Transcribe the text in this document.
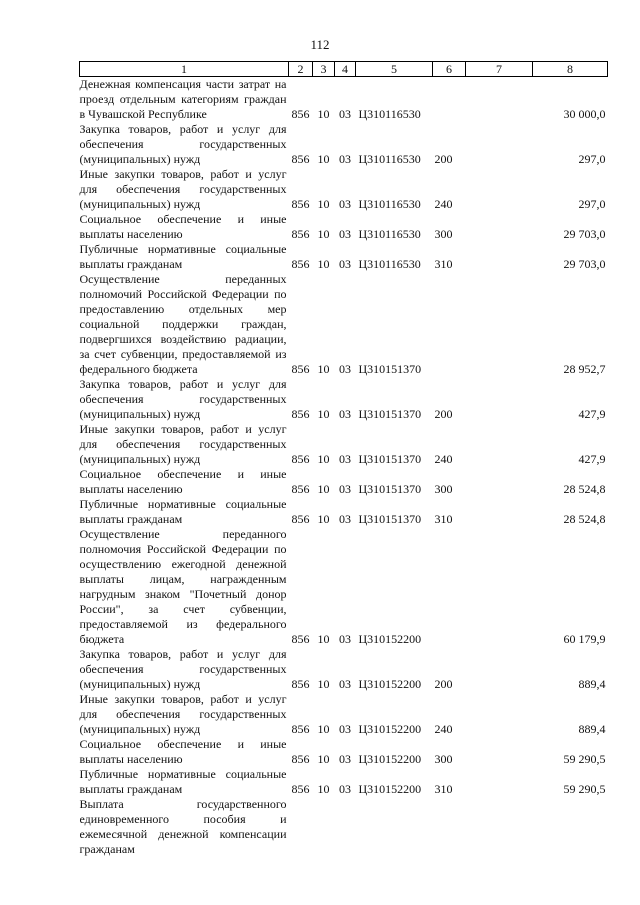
112
1	2	3	4	5	6	7	8
Денежная компенсация части затрат на проезд отдельным категориям граждан в Чувашской Республике	856	10	03	Ц310116530			30 000,0
Закупка товаров, работ и услуг для обеспечения государственных (муниципальных) нужд	856	10	03	Ц310116530	200		297,0
Иные закупки товаров, работ и услуг для обеспечения государственных (муниципальных) нужд	856	10	03	Ц310116530	240		297,0
Социальное обеспечение и иные выплаты населению	856	10	03	Ц310116530	300		29 703,0
Публичные нормативные социальные выплаты гражданам	856	10	03	Ц310116530	310		29 703,0
Осуществление переданных полномочий Российской Федерации по предоставлению отдельных мер социальной поддержки граждан, подвергшихся воздействию радиации, за счет субвенции, предоставляемой из федерального бюджета	856	10	03	Ц310151370			28 952,7
Закупка товаров, работ и услуг для обеспечения государственных (муниципальных) нужд	856	10	03	Ц310151370	200		427,9
Иные закупки товаров, работ и услуг для обеспечения государственных (муниципальных) нужд	856	10	03	Ц310151370	240		427,9
Социальное обеспечение и иные выплаты населению	856	10	03	Ц310151370	300		28 524,8
Публичные нормативные социальные выплаты гражданам	856	10	03	Ц310151370	310		28 524,8
Осуществление переданного полномочия Российской Федерации по осуществлению ежегодной денежной выплаты лицам, награжденным нагрудным знаком "Почетный донор России", за счет субвенции, предоставляемой из федерального бюджета	856	10	03	Ц310152200			60 179,9
Закупка товаров, работ и услуг для обеспечения государственных (муниципальных) нужд	856	10	03	Ц310152200	200		889,4
Иные закупки товаров, работ и услуг для обеспечения государственных (муниципальных) нужд	856	10	03	Ц310152200	240		889,4
Социальное обеспечение и иные выплаты населению	856	10	03	Ц310152200	300		59 290,5
Публичные нормативные социальные выплаты гражданам	856	10	03	Ц310152200	310		59 290,5
Выплата государственного единовременного пособия и ежемесячной денежной компенсации гражданам							
